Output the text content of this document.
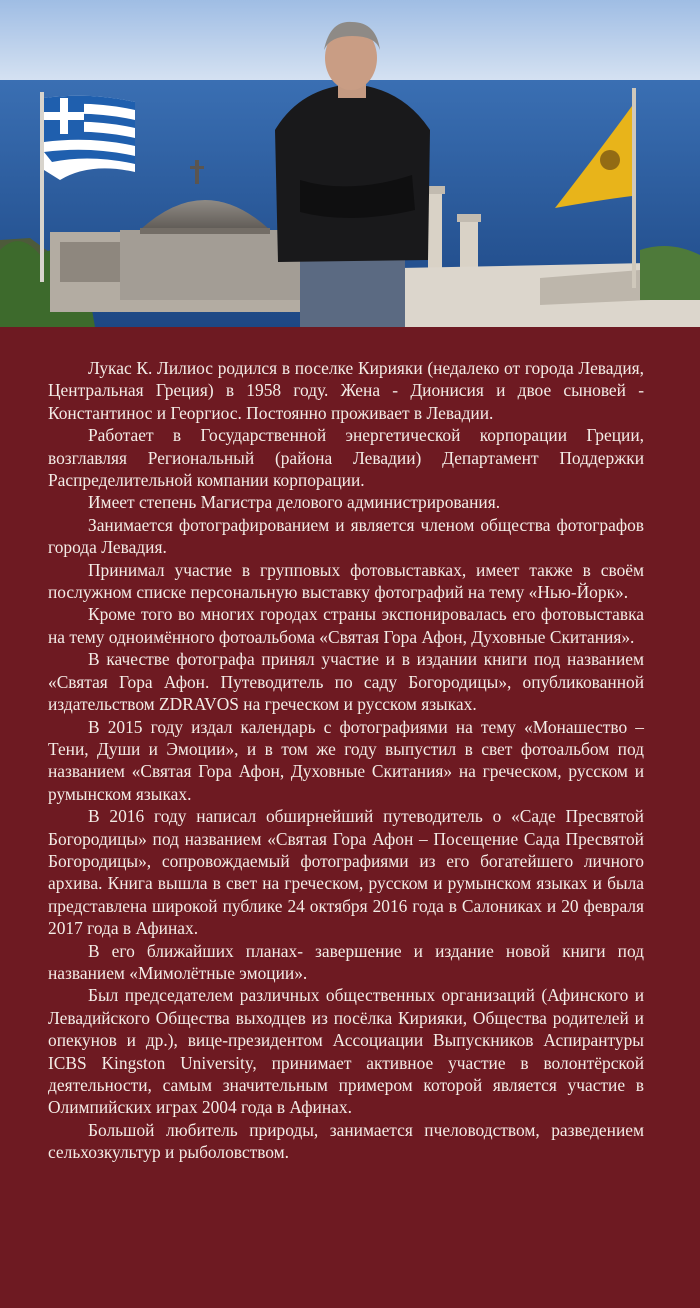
Лукас К. Лилиос родился в поселке Кирияки (недалеко от города Левадия, Центральная Греция) в 1958 году. Жена - Дионисия и двое сыновей - Константинос и Георгиос. Постоянно проживает в Левадии.

Работает в Государственной энергетической корпорации Греции, возглавляя Региональный (района Левадии) Департамент Поддержки Распределительной компании корпорации.

Имеет степень Магистра делового администрирования.

Занимается фотографированием и является членом общества фотографов города Левадия.

Принимал участие в групповых фотовыставках, имеет также в своём послужном списке персональную выставку фотографий на тему «Нью-Йорк».

Кроме того во многих городах страны экспонировалась его фотовыставка на тему одноимённого фотоальбома «Святая Гора Афон, Духовные Скитания».

В качестве фотографа принял участие и в издании книги под названием «Святая Гора Афон. Путеводитель по саду Богородицы», опубликованной издательством ZDRAVOS на греческом и русском языках.

В 2015 году издал календарь с фотографиями на тему «Монашество – Тени, Души и Эмоции», и в том же году выпустил в свет фотоальбом под названием «Святая Гора Афон, Духовные Скитания» на греческом, русском и румынском языках.

В 2016 году написал обширнейший путеводитель о «Саде Пресвятой Богородицы» под названием «Святая Гора Афон – Посещение Сада Пресвятой Богородицы», сопровождаемый фотографиями из его богатейшего личного архива. Книга вышла в свет на греческом, русском и румынском языках и была представлена широкой публике 24 октября 2016 года в Салониках и 20 февраля 2017 года в Афинах.

В его ближайших планах- завершение и издание новой книги под названием «Мимолётные эмоции».

Был председателем различных общественных организаций (Афинского и Левадийского Общества выходцев из посёлка Кирияки, Общества родителей и опекунов и др.), вице-президентом Ассоциации Выпускников Аспирантуры ICBS Kingston University, принимает активное участие в волонтёрской деятельности, самым значительным примером которой является участие в Олимпийских играх 2004 года в Афинах.

Большой любитель природы, занимается пчеловодством, разведением сельхозкультур и рыболовством.
